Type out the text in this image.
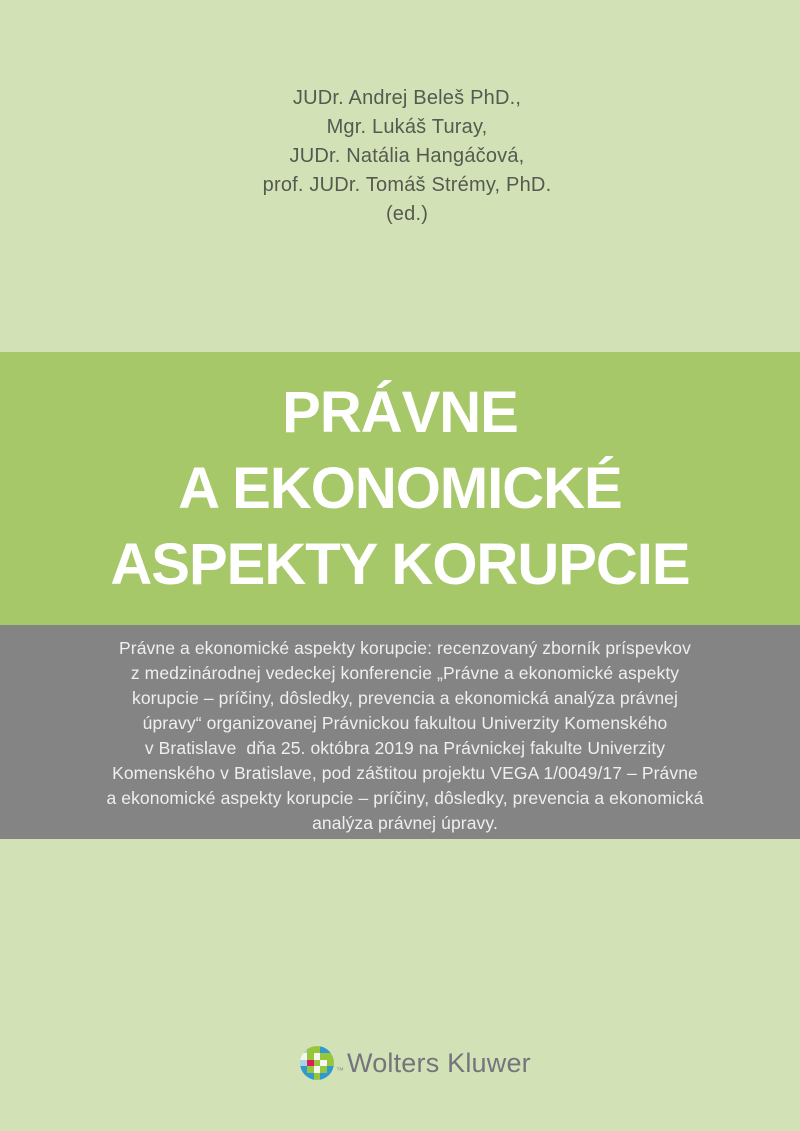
JUDr. Andrej Beleš PhD.,
Mgr. Lukáš Turay,
JUDr. Natália Hangáčová,
prof. JUDr. Tomáš Strémy, PhD.
(ed.)
PRÁVNE
A EKONOMICKÉ
ASPEKTY KORUPCIE
Právne a ekonomické aspekty korupcie: recenzovaný zborník príspevkov
z medzinárodnej vedeckej konferencie „Právne a ekonomické aspekty
korupcie – príčiny, dôsledky, prevencia a ekonomická analýza právnej
úpravy“ organizovanej Právnickou fakultou Univerzity Komenského
v Bratislave  dňa 25. októbra 2019 na Právnickej fakulte Univerzity
Komenského v Bratislave, pod záštitou projektu VEGA 1/0049/17 – Právne
a ekonomické aspekty korupcie – príčiny, dôsledky, prevencia a ekonomická
analýza právnej úpravy.
™ Wolters Kluwer
